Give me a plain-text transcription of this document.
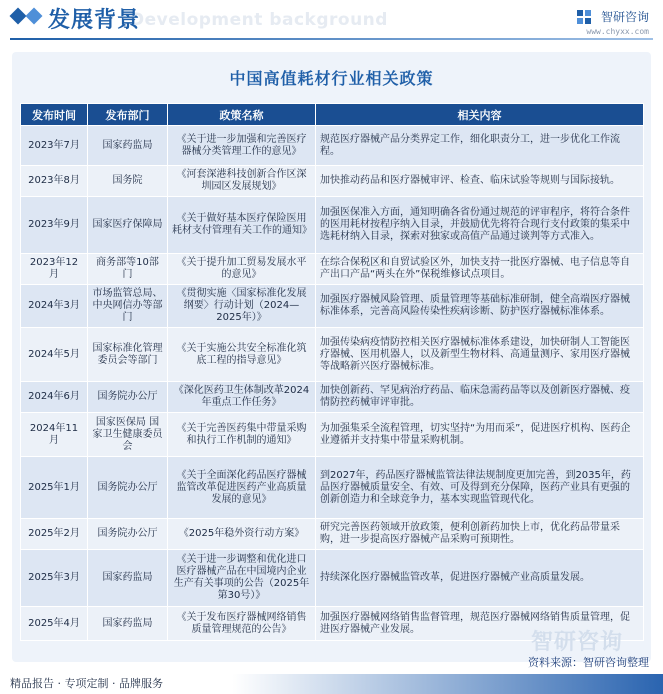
Development background
发展背景	智研咨询
www.chyxx.com
中国高值耗材行业相关政策
发布时间	发布部门	政策名称	相关内容
2023年7月	国家药监局	《关于进一步加强和完善医疗器械分类管理工作的意见》	规范医疗器械产品分类界定工作，细化职责分工，进一步优化工作流程。
2023年8月	国务院	《河套深港科技创新合作区深圳园区发展规划》	加快推动药品和医疗器械审评、检查、临床试验等规则与国际接轨。
2023年9月	国家医疗保障局	《关于做好基本医疗保险医用耗材支付管理有关工作的通知》	加强医保准入方面，通知明确各省份通过规范的评审程序，将符合条件的医用耗材按程序纳入目录，并鼓励优先将符合现行支付政策的集采中选耗材纳入目录，探索对独家或高值产品通过谈判等方式准入。
2023年12月	商务部等10部门	《关于提升加工贸易发展水平的意见》	在综合保税区和自贸试验区外，加快支持一批医疗器械、电子信息等自产出口产品“两头在外”保税维修试点项目。
2024年3月	市场监管总局、中央网信办等部门	《贯彻实施〈国家标准化发展纲要〉行动计划（2024—2025年）》	加强医疗器械风险管理、质量管理等基础标准研制，健全高端医疗器械标准体系，完善高风险传染性疾病诊断、防护医疗器械标准体系。
2024年5月	国家标准化管理委员会等部门	《关于实施公共安全标准化筑底工程的指导意见》	加强传染病疫情防控相关医疗器械标准体系建设，加快研制人工智能医疗器械、医用机器人，以及新型生物材料、高通量测序、家用医疗器械等战略新兴医疗器械标准。
2024年6月	国务院办公厅	《深化医药卫生体制改革2024年重点工作任务》	加快创新药、罕见病治疗药品、临床急需药品等以及创新医疗器械、疫情防控药械审评审批。
2024年11月	国家医保局 国家卫生健康委员会	《关于完善医药集中带量采购和执行工作机制的通知》	为加强集采全流程管理，切实坚持“为用而采”，促进医疗机构、医药企业遵循并支持集中带量采购机制。
2025年1月	国务院办公厅	《关于全面深化药品医疗器械监管改革促进医药产业高质量发展的意见》	到2027年，药品医疗器械监管法律法规制度更加完善，到2035年，药品医疗器械质量安全、有效、可及得到充分保障，医药产业具有更强的创新创造力和全球竞争力，基本实现监管现代化。
2025年2月	国务院办公厅	《2025年稳外资行动方案》	研究完善医药领域开放政策，便利创新药加快上市，优化药品带量采购，进一步提高医疗器械产品采购可预期性。
2025年3月	国家药监局	《关于进一步调整和优化进口医疗器械产品在中国境内企业生产有关事项的公告（2025年第30号）》	持续深化医疗器械监管改革，促进医疗器械产业高质量发展。
2025年4月	国家药监局	《关于发布医疗器械网络销售质量管理规范的公告》	加强医疗器械网络销售监督管理，规范医疗器械网络销售质量管理，促进医疗器械产业发展。
智研咨询
资料来源：智研咨询整理
精品报告 · 专项定制 · 品牌服务
